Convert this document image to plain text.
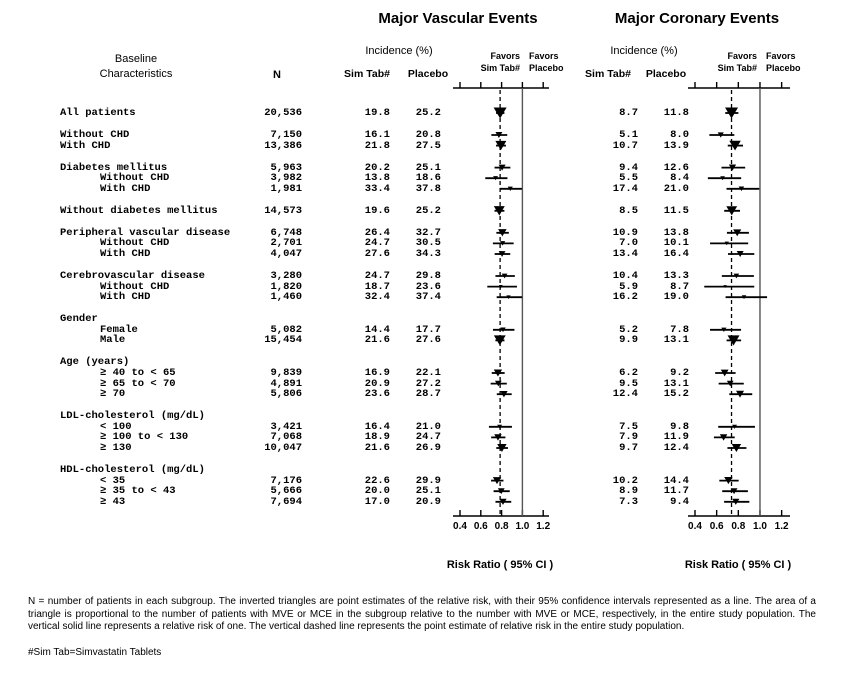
Major Vascular Events	Major Coronary Events
Baseline
Characteristics	N
Incidence (%)
Sim Tab# Placebo
Incidence (%)
Sim Tab# Placebo
Favors
Sim Tab#
Favors
Placebo
Favors
Sim Tab#
Favors
Placebo
Risk Ratio ( 95% CI )	Risk Ratio ( 95% CI )
All patients	20,536	19.8	25.2	8.7	11.8
Without CHD	7,150	16.1	20.8	5.1	8.0
With CHD	13,386	21.8	27.5	10.7	13.9
Diabetes mellitus	5,963	20.2	25.1	9.4	12.6
Without CHD	3,982	13.8	18.6	5.5	8.4
With CHD	1,981	33.4	37.8	17.4	21.0
Without diabetes mellitus	14,573	19.6	25.2	8.5	11.5
Peripheral vascular disease	6,748	26.4	32.7	10.9	13.8
Without CHD	2,701	24.7	30.5	7.0	10.1
With CHD	4,047	27.6	34.3	13.4	16.4
Cerebrovascular disease	3,280	24.7	29.8	10.4	13.3
Without CHD	1,820	18.7	23.6	5.9	8.7
With CHD	1,460	32.4	37.4	16.2	19.0
Gender
Female	5,082	14.4	17.7	5.2	7.8
Male	15,454	21.6	27.6	9.9	13.1
Age (years)
≥ 40 to < 65	9,839	16.9	22.1	6.2	9.2
≥ 65 to < 70	4,891	20.9	27.2	9.5	13.1
≥ 70	5,806	23.6	28.7	12.4	15.2
LDL-cholesterol (mg/dL)
< 100	3,421	16.4	21.0	7.5	9.8
≥ 100 to < 130	7,068	18.9	24.7	7.9	11.9
≥ 130	10,047	21.6	26.9	9.7	12.4
HDL-cholesterol (mg/dL)
< 35	7,176	22.6	29.9	10.2	14.4
≥ 35 to < 43	5,666	20.0	25.1	8.9	11.7
≥ 43	7,694	17.0	20.9	7.3	9.4
0.4 0.6 0.8 1.0 1.2	0.4 0.6 0.8 1.0 1.2
N = number of patients in each subgroup. The inverted triangles are point estimates of the relative risk, with their 95% confidence intervals represented as a line. The area of a triangle is proportional to the number of patients with MVE or MCE in the subgroup relative to the number with MVE or MCE, respectively, in the entire study population. The vertical solid line represents a relative risk of one. The vertical dashed line represents the point estimate of relative risk in the entire study population.
#Sim Tab=Simvastatin Tablets
